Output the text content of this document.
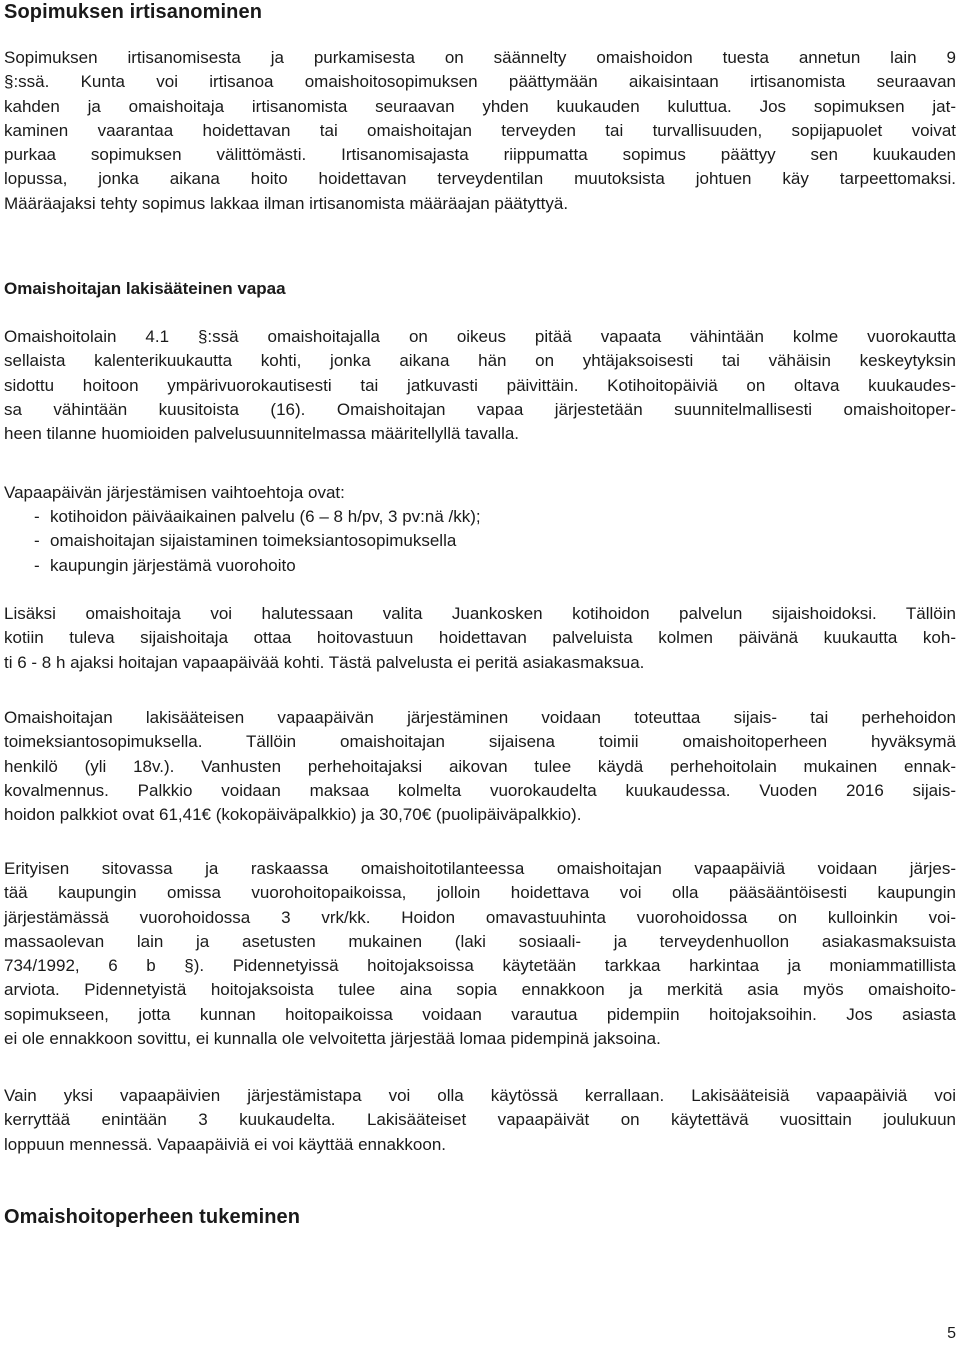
Sopimuksen irtisanominen
Sopimuksen irtisanomisesta ja purkamisesta on säännelty omaishoidon tuesta annetun lain 9
§:ssä. Kunta voi irtisanoa omaishoitosopimuksen päättymään aikaisintaan irtisanomista seuraavan
kahden ja omaishoitaja irtisanomista seuraavan yhden kuukauden kuluttua. Jos sopimuksen jat-
kaminen vaarantaa hoidettavan tai omaishoitajan terveyden tai turvallisuuden, sopijapuolet voivat
purkaa sopimuksen välittömästi. Irtisanomisajasta riippumatta sopimus päättyy sen kuukauden
lopussa, jonka aikana hoito hoidettavan terveydentilan muutoksista johtuen käy tarpeettomaksi.
Määräajaksi tehty sopimus lakkaa ilman irtisanomista määräajan päätyttyä.
Omaishoitajan lakisääteinen vapaa
Omaishoitolain 4.1 §:ssä omaishoitajalla on oikeus pitää vapaata vähintään kolme vuorokautta
sellaista kalenterikuukautta kohti, jonka aikana hän on yhtäjaksoisesti tai vähäisin keskeytyksin
sidottu hoitoon ympärivuorokautisesti tai jatkuvasti päivittäin. Kotihoitopäiviä on oltava kuukaudes-
sa vähintään kuusitoista (16). Omaishoitajan vapaa järjestetään suunnitelmallisesti omaishoitoper-
heen tilanne huomioiden palvelusuunnitelmassa määritellyllä tavalla.
Vapaapäivän järjestämisen vaihtoehtoja ovat:
- kotihoidon päiväaikainen palvelu (6 – 8 h/pv, 3 pv:nä /kk);
- omaishoitajan sijaistaminen toimeksiantosopimuksella
- kaupungin järjestämä vuorohoito
Lisäksi omaishoitaja voi halutessaan valita Juankosken kotihoidon palvelun sijaishoidoksi. Tällöin
kotiin tuleva sijaishoitaja ottaa hoitovastuun hoidettavan palveluista kolmen päivänä kuukautta koh-
ti 6 - 8 h ajaksi hoitajan vapaapäivää kohti. Tästä palvelusta ei peritä asiakasmaksua.
Omaishoitajan lakisääteisen vapaapäivän järjestäminen voidaan toteuttaa sijais- tai perhehoidon
toimeksiantosopimuksella. Tällöin omaishoitajan sijaisena toimii omaishoitoperheen hyväksymä
henkilö (yli 18v.). Vanhusten perhehoitajaksi aikovan tulee käydä perhehoitolain mukainen ennak-
kovalmennus. Palkkio voidaan maksaa kolmelta vuorokaudelta kuukaudessa. Vuoden 2016 sijais-
hoidon palkkiot ovat 61,41€ (kokopäiväpalkkio) ja 30,70€ (puolipäiväpalkkio).
Erityisen sitovassa ja raskaassa omaishoitotilanteessa omaishoitajan vapaapäiviä voidaan järjes-
tää kaupungin omissa vuorohoitopaikoissa, jolloin hoidettava voi olla pääsääntöisesti kaupungin
järjestämässä vuorohoidossa 3 vrk/kk. Hoidon omavastuuhinta vuorohoidossa on kulloinkin voi-
massaolevan lain ja asetusten mukainen (laki sosiaali- ja terveydenhuollon asiakasmaksuista
734/1992, 6 b §). Pidennetyissä hoitojaksoissa käytetään tarkkaa harkintaa ja moniammatillista
arviota. Pidennetyistä hoitojaksoista tulee aina sopia ennakkoon ja merkitä asia myös omaishoito-
sopimukseen, jotta kunnan hoitopaikoissa voidaan varautua pidempiin hoitojaksoihin. Jos asiasta
ei ole ennakkoon sovittu, ei kunnalla ole velvoitetta järjestää lomaa pidempinä jaksoina.
Vain yksi vapaapäivien järjestämistapa voi olla käytössä kerrallaan. Lakisääteisiä vapaapäiviä voi
kerryttää enintään 3 kuukaudelta. Lakisääteiset vapaapäivät on käytettävä vuosittain joulukuun
loppuun mennessä. Vapaapäiviä ei voi käyttää ennakkoon.
Omaishoitoperheen tukeminen
5
